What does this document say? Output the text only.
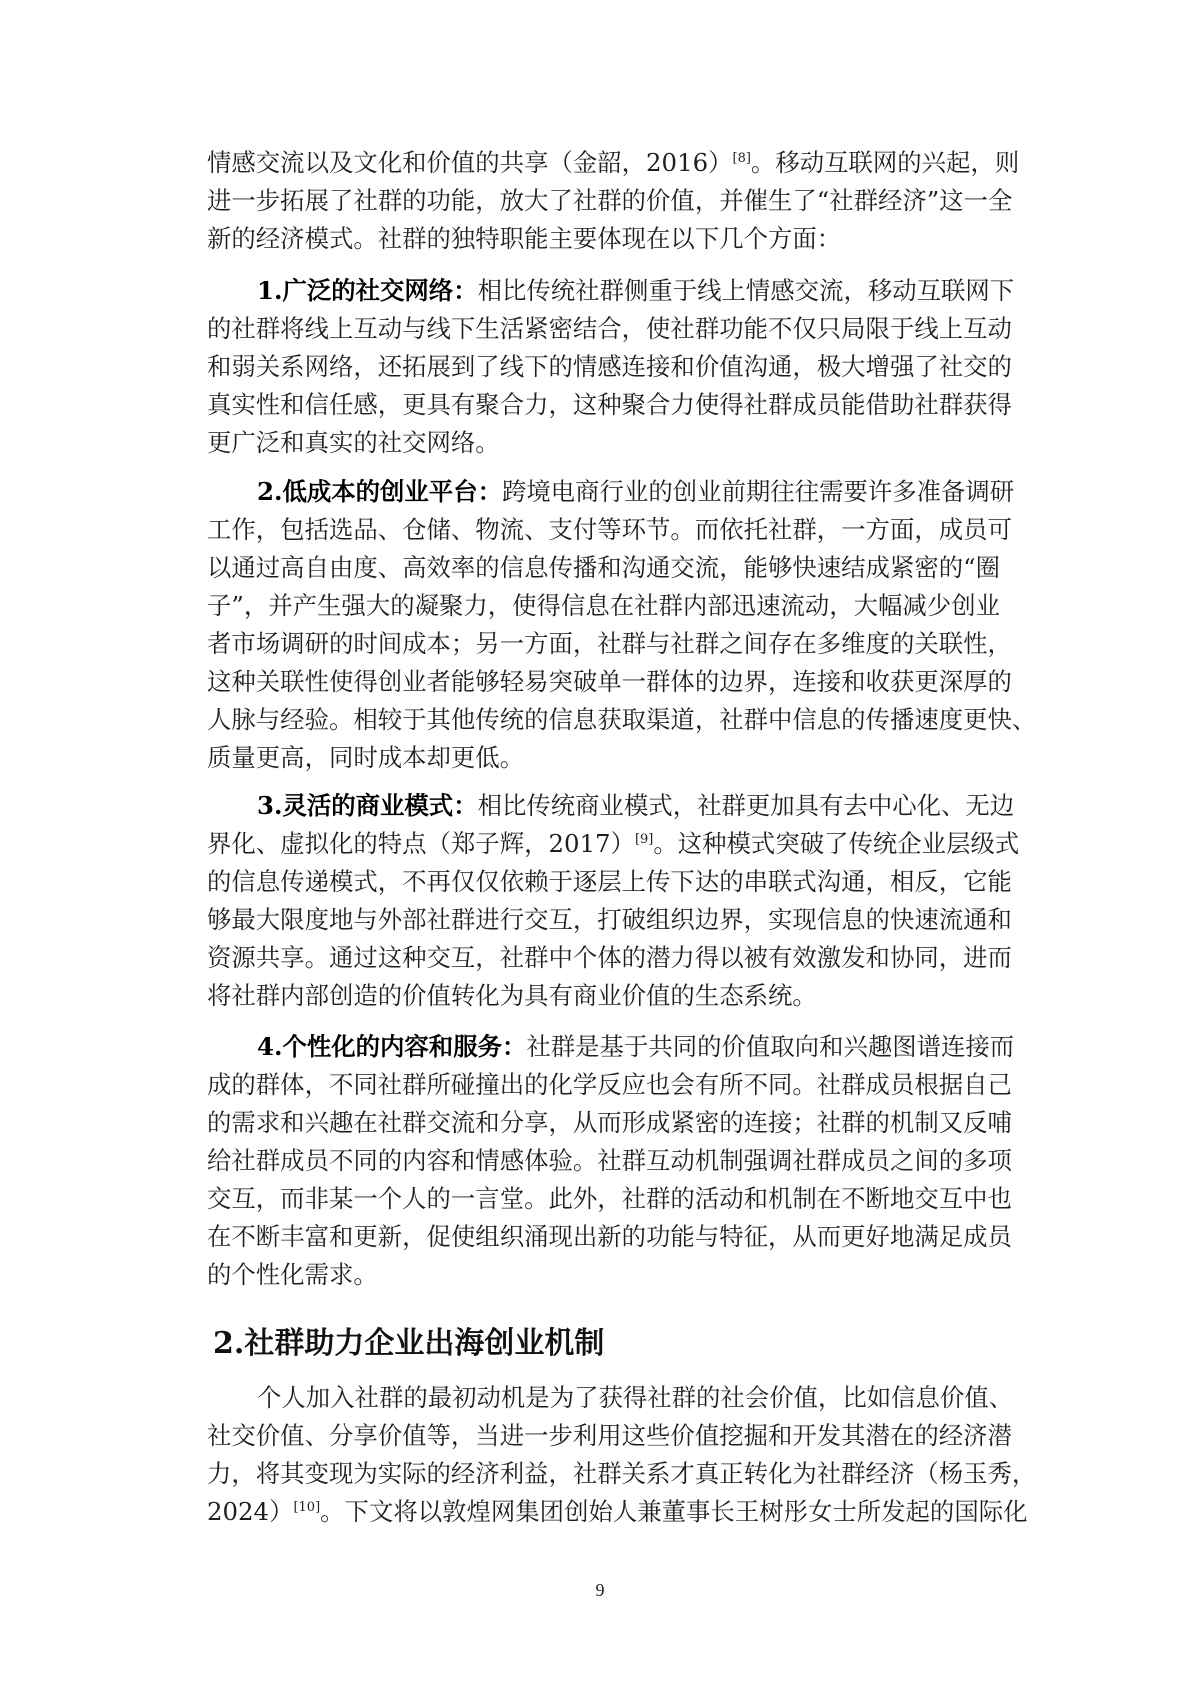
情感交流以及文化和价值的共享（金韶，2016）[8]。移动互联网的兴起，则
进一步拓展了社群的功能，放大了社群的价值，并催生了“社群经济”这一全
新的经济模式。社群的独特职能主要体现在以下几个方面：
1.广泛的社交网络：相比传统社群侧重于线上情感交流，移动互联网下
的社群将线上互动与线下生活紧密结合，使社群功能不仅只局限于线上互动
和弱关系网络，还拓展到了线下的情感连接和价值沟通，极大增强了社交的
真实性和信任感，更具有聚合力，这种聚合力使得社群成员能借助社群获得
更广泛和真实的社交网络。
2.低成本的创业平台：跨境电商行业的创业前期往往需要许多准备调研
工作，包括选品、仓储、物流、支付等环节。而依托社群，一方面，成员可
以通过高自由度、高效率的信息传播和沟通交流，能够快速结成紧密的“圈
子”，并产生强大的凝聚力，使得信息在社群内部迅速流动，大幅减少创业
者市场调研的时间成本；另一方面，社群与社群之间存在多维度的关联性，
这种关联性使得创业者能够轻易突破单一群体的边界，连接和收获更深厚的
人脉与经验。相较于其他传统的信息获取渠道，社群中信息的传播速度更快、
质量更高，同时成本却更低。
3.灵活的商业模式：相比传统商业模式，社群更加具有去中心化、无边
界化、虚拟化的特点（郑子辉，2017）[9]。这种模式突破了传统企业层级式
的信息传递模式，不再仅仅依赖于逐层上传下达的串联式沟通，相反，它能
够最大限度地与外部社群进行交互，打破组织边界，实现信息的快速流通和
资源共享。通过这种交互，社群中个体的潜力得以被有效激发和协同，进而
将社群内部创造的价值转化为具有商业价值的生态系统。
4.个性化的内容和服务：社群是基于共同的价值取向和兴趣图谱连接而
成的群体，不同社群所碰撞出的化学反应也会有所不同。社群成员根据自己
的需求和兴趣在社群交流和分享，从而形成紧密的连接；社群的机制又反哺
给社群成员不同的内容和情感体验。社群互动机制强调社群成员之间的多项
交互，而非某一个人的一言堂。此外，社群的活动和机制在不断地交互中也
在不断丰富和更新，促使组织涌现出新的功能与特征，从而更好地满足成员
的个性化需求。
2.社群助力企业出海创业机制
个人加入社群的最初动机是为了获得社群的社会价值，比如信息价值、
社交价值、分享价值等，当进一步利用这些价值挖掘和开发其潜在的经济潜
力，将其变现为实际的经济利益，社群关系才真正转化为社群经济（杨玉秀，
2024）[10]。下文将以敦煌网集团创始人兼董事长王树彤女士所发起的国际化
9
